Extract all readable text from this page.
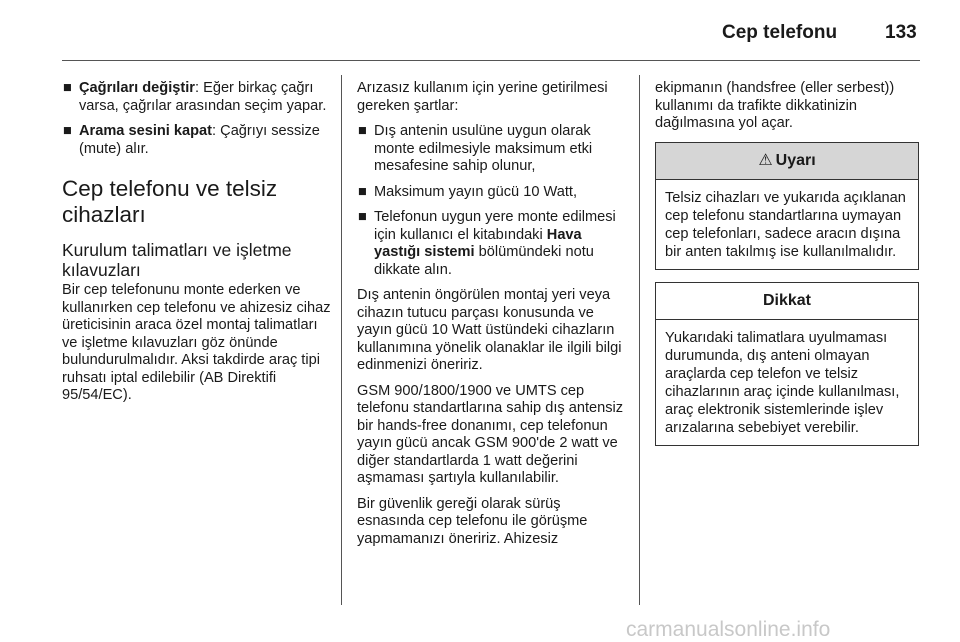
Cep telefonu	133
■ Çağrıları değiştir: Eğer birkaç çağrı varsa, çağrılar arasından seçim yapar.
■ Arama sesini kapat: Çağrıyı sessize (mute) alır.
Cep telefonu ve telsiz cihazları
Kurulum talimatları ve işletme kılavuzları

Bir cep telefonunu monte ederken ve kullanırken cep telefonu ve ahizesiz cihaz üreticisinin araca özel montaj talimatları ve işletme kılavuzları göz önünde bulundurulmalıdır. Aksi takdirde araç tipi ruhsatı iptal edilebilir (AB Direktifi 95/54/EC).

Arızasız kullanım için yerine getirilmesi gereken şartlar:

■ Dış antenin usulüne uygun olarak monte edilmesiyle maksimum etki mesafesine sahip olunur,
■ Maksimum yayın gücü 10 Watt,
■ Telefonun uygun yere monte edilmesi için kullanıcı el kitabındaki Hava yastığı sistemi bölümündeki notu dikkate alın.

Dış antenin öngörülen montaj yeri veya cihazın tutucu parçası konusunda ve yayın gücü 10 Watt üstündeki cihazların kullanımına yönelik olanaklar ile ilgili bilgi edinmenizi öneririz.

GSM 900/1800/1900 ve UMTS cep telefonu standartlarına sahip dış antensiz bir hands-free donanımı, cep telefonun yayın gücü ancak GSM 900'de 2 watt ve diğer standartlarda 1 watt değerini aşmaması şartıyla kullanılabilir.

Bir güvenlik gereği olarak sürüş esnasında cep telefonu ile görüşme yapmamanızı öneririz. Ahizesiz

ekipmanın (handsfree (eller serbest)) kullanımı da trafikte dikkatinizin dağılmasına yol açar.

⚠ Uyarı
Telsiz cihazları ve yukarıda açıklanan cep telefonu standartlarına uymayan cep telefonları, sadece aracın dışına bir anten takılmış ise kullanılmalıdır.
Dikkat
Yukarıdaki talimatlara uyulmaması durumunda, dış anteni olmayan araçlarda cep telefon ve telsiz cihazlarının araç içinde kullanılması, araç elektronik sistemlerinde işlev arızalarına sebebiyet verebilir.
carmanualsonline.info
